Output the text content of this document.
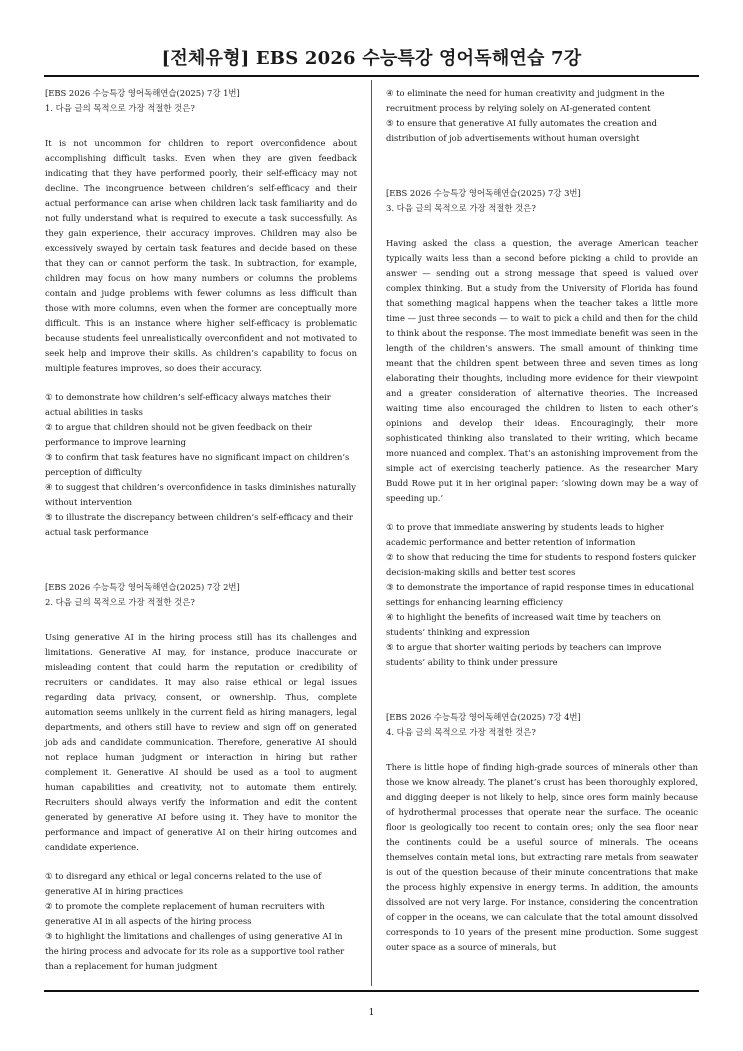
[전체유형] EBS 2026 수능특강 영어독해연습 7강

[EBS 2026 수능특강 영어독해연습(2025) 7강 1번]
1. 다음 글의 목적으로 가장 적절한 것은?

It is not uncommon for children to report overconfidence about accomplishing difficult tasks. Even when they are given feedback indicating that they have performed poorly, their self-efficacy may not decline. The incongruence between children’s self-efficacy and their actual performance can arise when children lack task familiarity and do not fully understand what is required to execute a task successfully. As they gain experience, their accuracy improves. Children may also be excessively swayed by certain task features and decide based on these that they can or cannot perform the task. In subtraction, for example, children may focus on how many numbers or columns the problems contain and judge problems with fewer columns as less difficult than those with more columns, even when the former are conceptually more difficult. This is an instance where higher self-efficacy is problematic because students feel unrealistically overconfident and not motivated to seek help and improve their skills. As children’s capability to focus on multiple features improves, so does their accuracy.

① to demonstrate how children’s self-efficacy always matches their actual abilities in tasks
② to argue that children should not be given feedback on their performance to improve learning
③ to confirm that task features have no significant impact on children’s perception of difficulty
④ to suggest that children’s overconfidence in tasks diminishes naturally without intervention
⑤ to illustrate the discrepancy between children’s self-efficacy and their actual task performance

[EBS 2026 수능특강 영어독해연습(2025) 7강 2번]
2. 다음 글의 목적으로 가장 적절한 것은?

Using generative AI in the hiring process still has its challenges and limitations. Generative AI may, for instance, produce inaccurate or misleading content that could harm the reputation or credibility of recruiters or candidates. It may also raise ethical or legal issues regarding data privacy, consent, or ownership. Thus, complete automation seems unlikely in the current field as hiring managers, legal departments, and others still have to review and sign off on generated job ads and candidate communication. Therefore, generative AI should not replace human judgment or interaction in hiring but rather complement it. Generative AI should be used as a tool to augment human capabilities and creativity, not to automate them entirely. Recruiters should always verify the information and edit the content generated by generative AI before using it. They have to monitor the performance and impact of generative AI on their hiring outcomes and candidate experience.

① to disregard any ethical or legal concerns related to the use of generative AI in hiring practices
② to promote the complete replacement of human recruiters with generative AI in all aspects of the hiring process
③ to highlight the limitations and challenges of using generative AI in the hiring process and advocate for its role as a supportive tool rather than a replacement for human judgment
④ to eliminate the need for human creativity and judgment in the recruitment process by relying solely on AI-generated content
⑤ to ensure that generative AI fully automates the creation and distribution of job advertisements without human oversight

[EBS 2026 수능특강 영어독해연습(2025) 7강 3번]
3. 다음 글의 목적으로 가장 적절한 것은?

Having asked the class a question, the average American teacher typically waits less than a second before picking a child to provide an answer — sending out a strong message that speed is valued over complex thinking. But a study from the University of Florida has found that something magical happens when the teacher takes a little more time — just three seconds — to wait to pick a child and then for the child to think about the response. The most immediate benefit was seen in the length of the children’s answers. The small amount of thinking time meant that the children spent between three and seven times as long elaborating their thoughts, including more evidence for their viewpoint and a greater consideration of alternative theories. The increased waiting time also encouraged the children to listen to each other’s opinions and develop their ideas. Encouragingly, their more sophisticated thinking also translated to their writing, which became more nuanced and complex. That’s an astonishing improvement from the simple act of exercising teacherly patience. As the researcher Mary Budd Rowe put it in her original paper: ‘slowing down may be a way of speeding up.’

① to prove that immediate answering by students leads to higher academic performance and better retention of information
② to show that reducing the time for students to respond fosters quicker decision-making skills and better test scores
③ to demonstrate the importance of rapid response times in educational settings for enhancing learning efficiency
④ to highlight the benefits of increased wait time by teachers on students’ thinking and expression
⑤ to argue that shorter waiting periods by teachers can improve students’ ability to think under pressure

[EBS 2026 수능특강 영어독해연습(2025) 7강 4번]
4. 다음 글의 목적으로 가장 적절한 것은?

There is little hope of finding high-grade sources of minerals other than those we know already. The planet’s crust has been thoroughly explored, and digging deeper is not likely to help, since ores form mainly because of hydrothermal processes that operate near the surface. The oceanic floor is geologically too recent to contain ores; only the sea floor near the continents could be a useful source of minerals. The oceans themselves contain metal ions, but extracting rare metals from seawater is out of the question because of their minute concentrations that make the process highly expensive in energy terms. In addition, the amounts dissolved are not very large. For instance, considering the concentration of copper in the oceans, we can calculate that the total amount dissolved corresponds to 10 years of the present mine production. Some suggest outer space as a source of minerals, but

1
